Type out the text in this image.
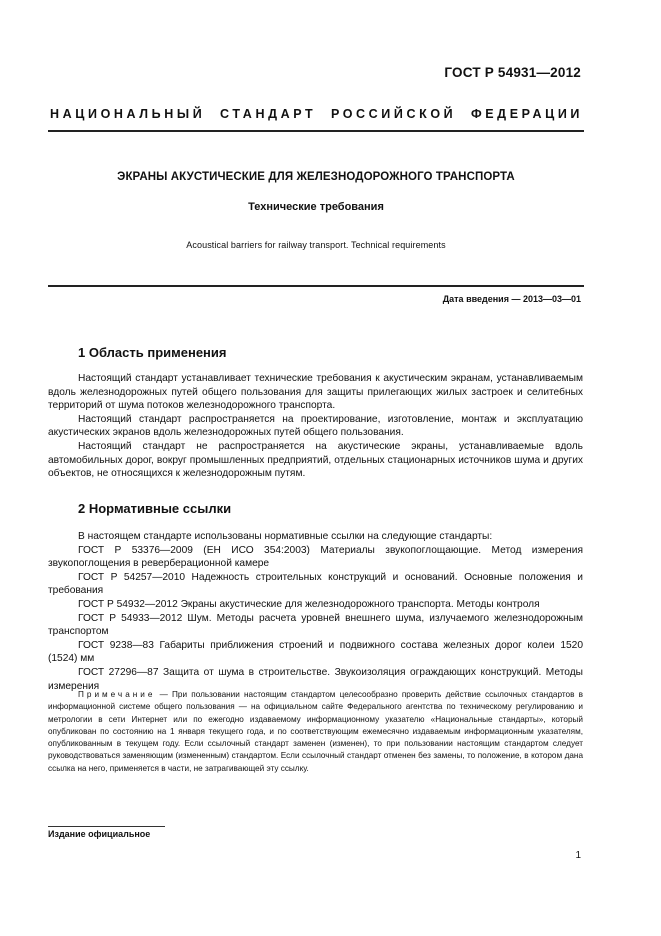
ГОСТ Р 54931—2012
НАЦИОНАЛЬНЫЙ СТАНДАРТ РОССИЙСКОЙ ФЕДЕРАЦИИ
ЭКРАНЫ АКУСТИЧЕСКИЕ ДЛЯ ЖЕЛЕЗНОДОРОЖНОГО ТРАНСПОРТА
Технические требования
Acoustical barriers for railway transport. Technical requirements
Дата введения — 2013—03—01
1 Область применения

Настоящий стандарт устанавливает технические требования к акустическим экранам, устанавливаемым вдоль железнодорожных путей общего пользования для защиты прилегающих жилых застроек и селитебных территорий от шума потоков железнодорожного транспорта.

Настоящий стандарт распространяется на проектирование, изготовление, монтаж и эксплуатацию акустических экранов вдоль железнодорожных путей общего пользования.

Настоящий стандарт не распространяется на акустические экраны, устанавливаемые вдоль автомобильных дорог, вокруг промышленных предприятий, отдельных стационарных источников шума и других объектов, не относящихся к железнодорожным путям.

2 Нормативные ссылки

В настоящем стандарте использованы нормативные ссылки на следующие стандарты:

ГОСТ Р 53376—2009 (ЕН ИСО 354:2003) Материалы звукопоглощающие. Метод измерения звукопоглощения в реверберационной камере

ГОСТ Р 54257—2010 Надежность строительных конструкций и оснований. Основные положения и требования

ГОСТ Р 54932—2012 Экраны акустические для железнодорожного транспорта. Методы контроля

ГОСТ Р 54933—2012 Шум. Методы расчета уровней внешнего шума, излучаемого железнодорожным транспортом

ГОСТ 9238—83 Габариты приближения строений и подвижного состава железных дорог колеи 1520 (1524) мм

ГОСТ 27296—87 Защита от шума в строительстве. Звукоизоляция ограждающих конструкций. Методы измерения

Примечание — При пользовании настоящим стандартом целесообразно проверить действие ссылочных стандартов в информационной системе общего пользования — на официальном сайте Федерального агентства по техническому регулированию и метрологии в сети Интернет или по ежегодно издаваемому информационному указателю «Национальные стандарты», который опубликован по состоянию на 1 января текущего года, и по соответствующим ежемесячно издаваемым информационным указателям, опубликованным в текущем году. Если ссылочный стандарт заменен (изменен), то при пользовании настоящим стандартом следует руководствоваться заменяющим (измененным) стандартом. Если ссылочный стандарт отменен без замены, то положение, в котором дана ссылка на него, применяется в части, не затрагивающей эту ссылку.

Издание официальное
1
